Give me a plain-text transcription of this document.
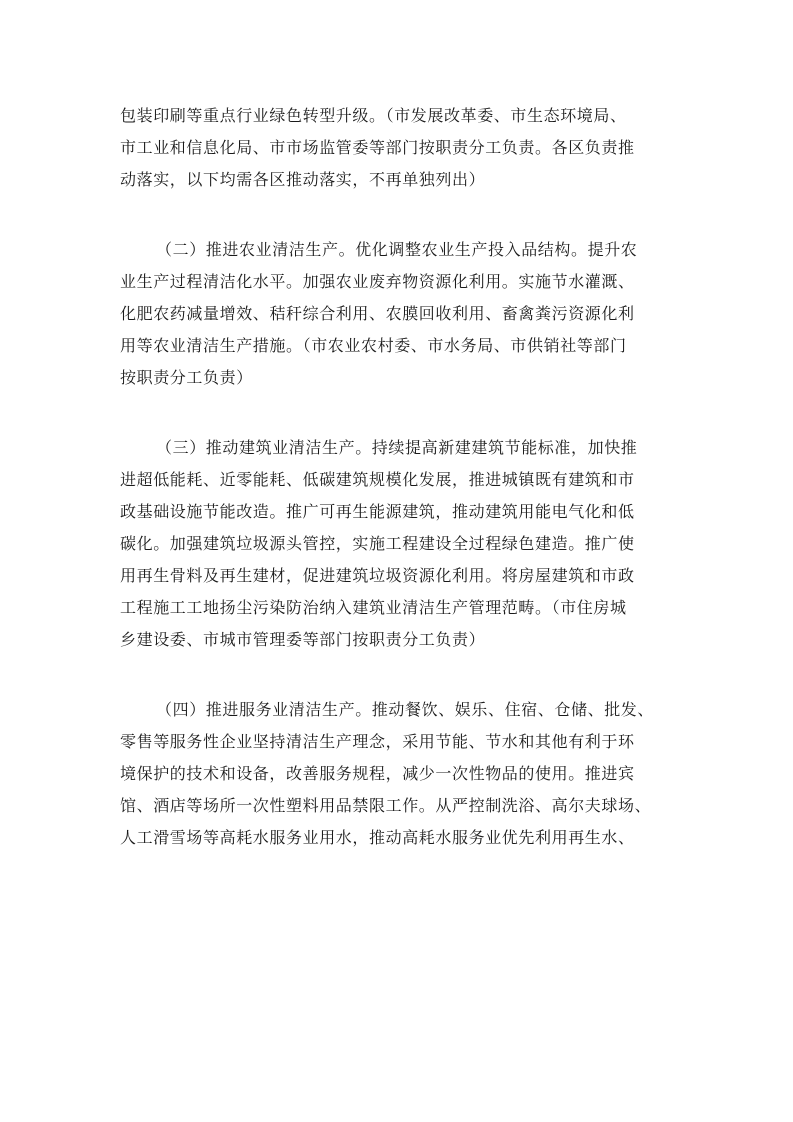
包装印刷等重点行业绿色转型升级。（市发展改革委、市生态环境局、
市工业和信息化局、市市场监管委等部门按职责分工负责。各区负责推
动落实，以下均需各区推动落实，不再单独列出）

（二）推进农业清洁生产。优化调整农业生产投入品结构。提升农
业生产过程清洁化水平。加强农业废弃物资源化利用。实施节水灌溉、
化肥农药减量增效、秸秆综合利用、农膜回收利用、畜禽粪污资源化利
用等农业清洁生产措施。（市农业农村委、市水务局、市供销社等部门
按职责分工负责）

（三）推动建筑业清洁生产。持续提高新建建筑节能标准，加快推
进超低能耗、近零能耗、低碳建筑规模化发展，推进城镇既有建筑和市
政基础设施节能改造。推广可再生能源建筑，推动建筑用能电气化和低
碳化。加强建筑垃圾源头管控，实施工程建设全过程绿色建造。推广使
用再生骨料及再生建材，促进建筑垃圾资源化利用。将房屋建筑和市政
工程施工工地扬尘污染防治纳入建筑业清洁生产管理范畴。（市住房城
乡建设委、市城市管理委等部门按职责分工负责）

（四）推进服务业清洁生产。推动餐饮、娱乐、住宿、仓储、批发、
零售等服务性企业坚持清洁生产理念，采用节能、节水和其他有利于环
境保护的技术和设备，改善服务规程，减少一次性物品的使用。推进宾
馆、酒店等场所一次性塑料用品禁限工作。从严控制洗浴、高尔夫球场、
人工滑雪场等高耗水服务业用水，推动高耗水服务业优先利用再生水、
